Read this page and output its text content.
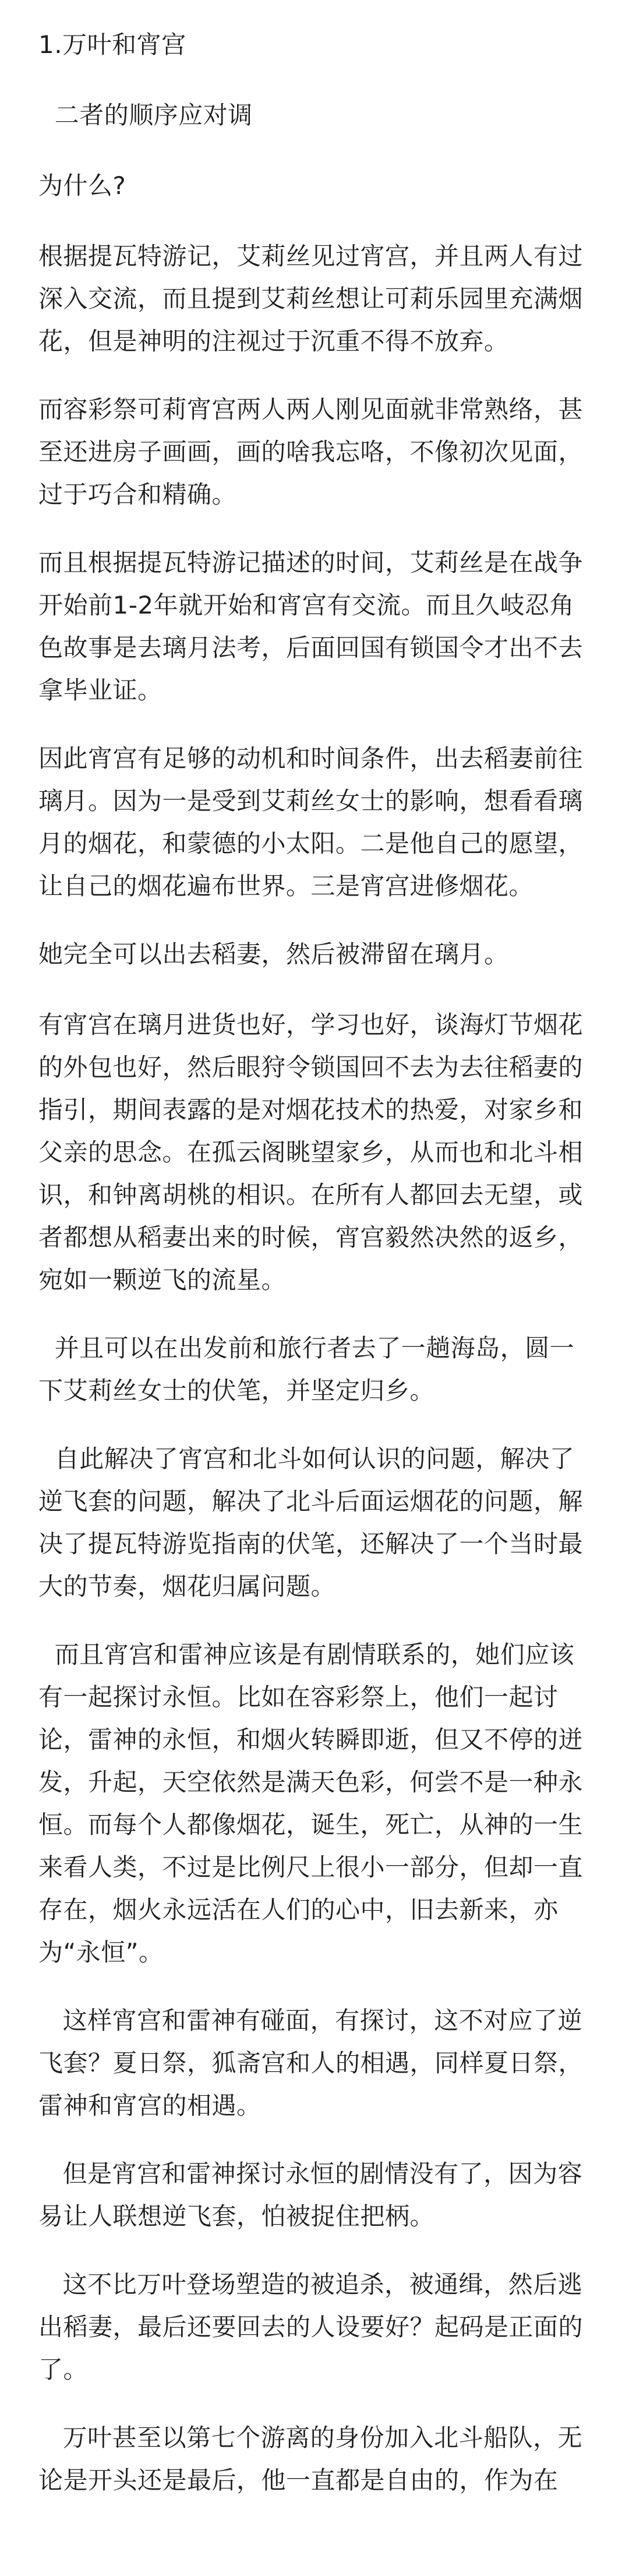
1.万叶和宵宫

二者的顺序应对调

为什么?

根据提瓦特游记，艾莉丝见过宵宫，并且两人有过深入交流，而且提到艾莉丝想让可莉乐园里充满烟花，但是神明的注视过于沉重不得不放弃。

而容彩祭可莉宵宫两人两人刚见面就非常熟络，甚至还进房子画画，画的啥我忘咯，不像初次见面，过于巧合和精确。

而且根据提瓦特游记描述的时间，艾莉丝是在战争开始前1-2年就开始和宵宫有交流。而且久岐忍角色故事是去璃月法考，后面回国有锁国令才出不去拿毕业证。

因此宵宫有足够的动机和时间条件，出去稻妻前往璃月。因为一是受到艾莉丝女士的影响，想看看璃月的烟花，和蒙德的小太阳。二是他自己的愿望，让自己的烟花遍布世界。三是宵宫进修烟花。

她完全可以出去稻妻，然后被滞留在璃月。

有宵宫在璃月进货也好，学习也好，谈海灯节烟花的外包也好，然后眼狩令锁国回不去为去往稻妻的指引，期间表露的是对烟花技术的热爱，对家乡和父亲的思念。在孤云阁眺望家乡，从而也和北斗相识，和钟离胡桃的相识。在所有人都回去无望，或者都想从稻妻出来的时候，宵宫毅然决然的返乡，宛如一颗逆飞的流星。

并且可以在出发前和旅行者去了一趟海岛，圆一下艾莉丝女士的伏笔，并坚定归乡。

自此解决了宵宫和北斗如何认识的问题，解决了逆飞套的问题，解决了北斗后面运烟花的问题，解决了提瓦特游览指南的伏笔，还解决了一个当时最大的节奏，烟花归属问题。

而且宵宫和雷神应该是有剧情联系的，她们应该有一起探讨永恒。比如在容彩祭上，他们一起讨论，雷神的永恒，和烟火转瞬即逝，但又不停的迸发，升起，天空依然是满天色彩，何尝不是一种永恒。而每个人都像烟花，诞生，死亡，从神的一生来看人类，不过是比例尺上很小一部分，但却一直存在，烟火永远活在人们的心中，旧去新来，亦为“永恒”。

这样宵宫和雷神有碰面，有探讨，这不对应了逆飞套？夏日祭，狐斋宫和人的相遇，同样夏日祭，雷神和宵宫的相遇。

但是宵宫和雷神探讨永恒的剧情没有了，因为容易让人联想逆飞套，怕被捉住把柄。

这不比万叶登场塑造的被追杀，被通缉，然后逃出稻妻，最后还要回去的人设要好？起码是正面的了。

万叶甚至以第七个游离的身份加入北斗船队，无论是开头还是最后，他一直都是自由的，作为在
